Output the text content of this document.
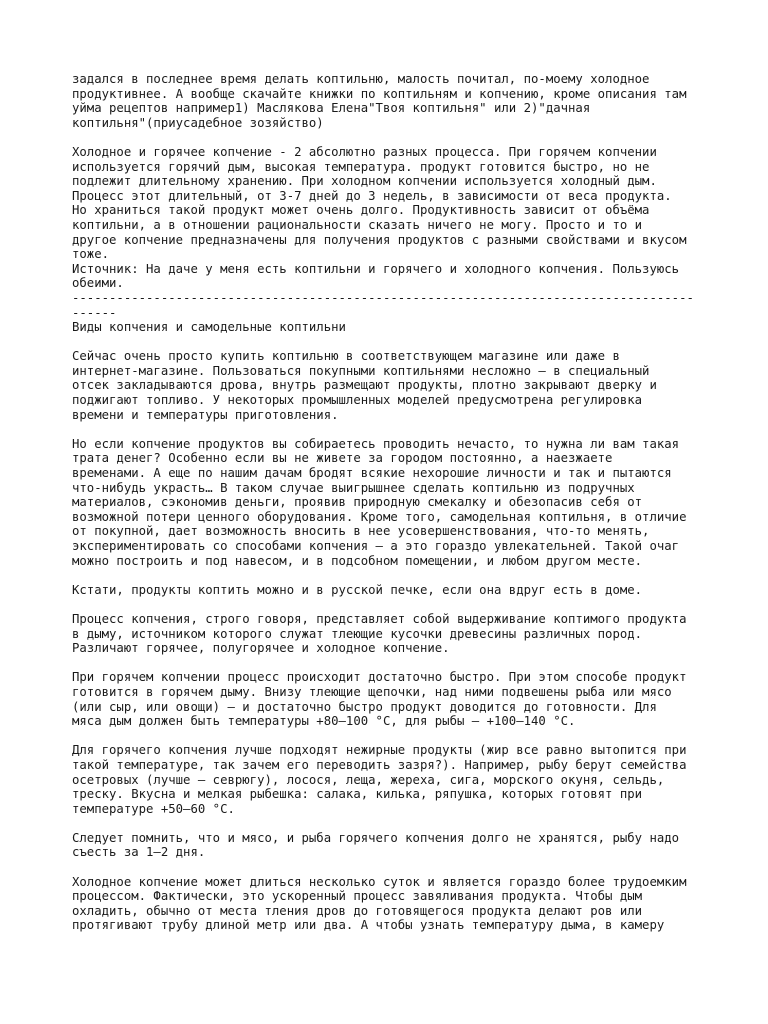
задался в последнее время делать коптильню, малость почитал, по-моему холодное
продуктивнее. А вообще скачайте книжки по коптильням и копчению, кроме описания там
уйма рецептов например1) Маслякова Елена"Твоя коптильня" или 2)"дачная
коптильня"(приусадебное зозяйство)
Холодное и горячее копчение - 2 абсолютно разных процесса. При горячем копчении
используется горячий дым, высокая температура. продукт готовится быстро, но не
подлежит длительному хранению. При холодном копчении используется холодный дым.
Процесс этот длительный, от 3-7 дней до 3 недель, в зависимости от веса продукта.
Но храниться такой продукт может очень долго. Продуктивность зависит от объёма
коптильни, а в отношении рациональности сказать ничего не могу. Просто и то и
другое копчение предназначены для получения продуктов с разными свойствами и вкусом
тоже.
Источник: На даче у меня есть коптильни и горячего и холодного копчения. Пользуюсь
обеими.
------------------------------------------------------------------------------------
------
Виды копчения и самодельные коптильни
Сейчас очень просто купить коптильню в соответствующем магазине или даже в
интернет-магазине. Пользоваться покупными коптильнями несложно — в специальный
отсек закладываются дрова, внутрь размещают продукты, плотно закрывают дверку и
поджигают топливо. У некоторых промышленных моделей предусмотрена регулировка
времени и температуры приготовления.
Но если копчение продуктов вы собираетесь проводить нечасто, то нужна ли вам такая
трата денег? Особенно если вы не живете за городом постоянно, а наезжаете
временами. А еще по нашим дачам бродят всякие нехорошие личности и так и пытаются
что-нибудь украсть… В таком случае выигрышнее сделать коптильню из подручных
материалов, сэкономив деньги, проявив природную смекалку и обезопасив себя от
возможной потери ценного оборудования. Кроме того, самодельная коптильня, в отличие
от покупной, дает возможность вносить в нее усовершенствования, что-то менять,
экспериментировать со способами копчения — а это гораздо увлекательней. Такой очаг
можно построить и под навесом, и в подсобном помещении, и любом другом месте.
Кстати, продукты коптить можно и в русской печке, если она вдруг есть в доме.
Процесс копчения, строго говоря, представляет собой выдерживание коптимого продукта
в дыму, источником которого служат тлеющие кусочки древесины различных пород.
Различают горячее, полугорячее и холодное копчение.
При горячем копчении процесс происходит достаточно быстро. При этом способе продукт
готовится в горячем дыму. Внизу тлеющие щепочки, над ними подвешены рыба или мясо
(или сыр, или овощи) — и достаточно быстро продукт доводится до готовности. Для
мяса дым должен быть температуры +80–100 °С, для рыбы — +100–140 °С.
Для горячего копчения лучше подходят нежирные продукты (жир все равно вытопится при
такой температуре, так зачем его переводить зазря?). Например, рыбу берут семейства
осетровых (лучше — севрюгу), лосося, леща, жереха, сига, морского окуня, сельдь,
треску. Вкусна и мелкая рыбешка: салака, килька, ряпушка, которых готовят при
температуре +50–60 °С.
Следует помнить, что и мясо, и рыба горячего копчения долго не хранятся, рыбу надо
съесть за 1–2 дня.
Холодное копчение может длиться несколько суток и является гораздо более трудоемким
процессом. Фактически, это ускоренный процесс завяливания продукта. Чтобы дым
охладить, обычно от места тления дров до готовящегося продукта делают ров или
протягивают трубу длиной метр или два. А чтобы узнать температуру дыма, в камеру
